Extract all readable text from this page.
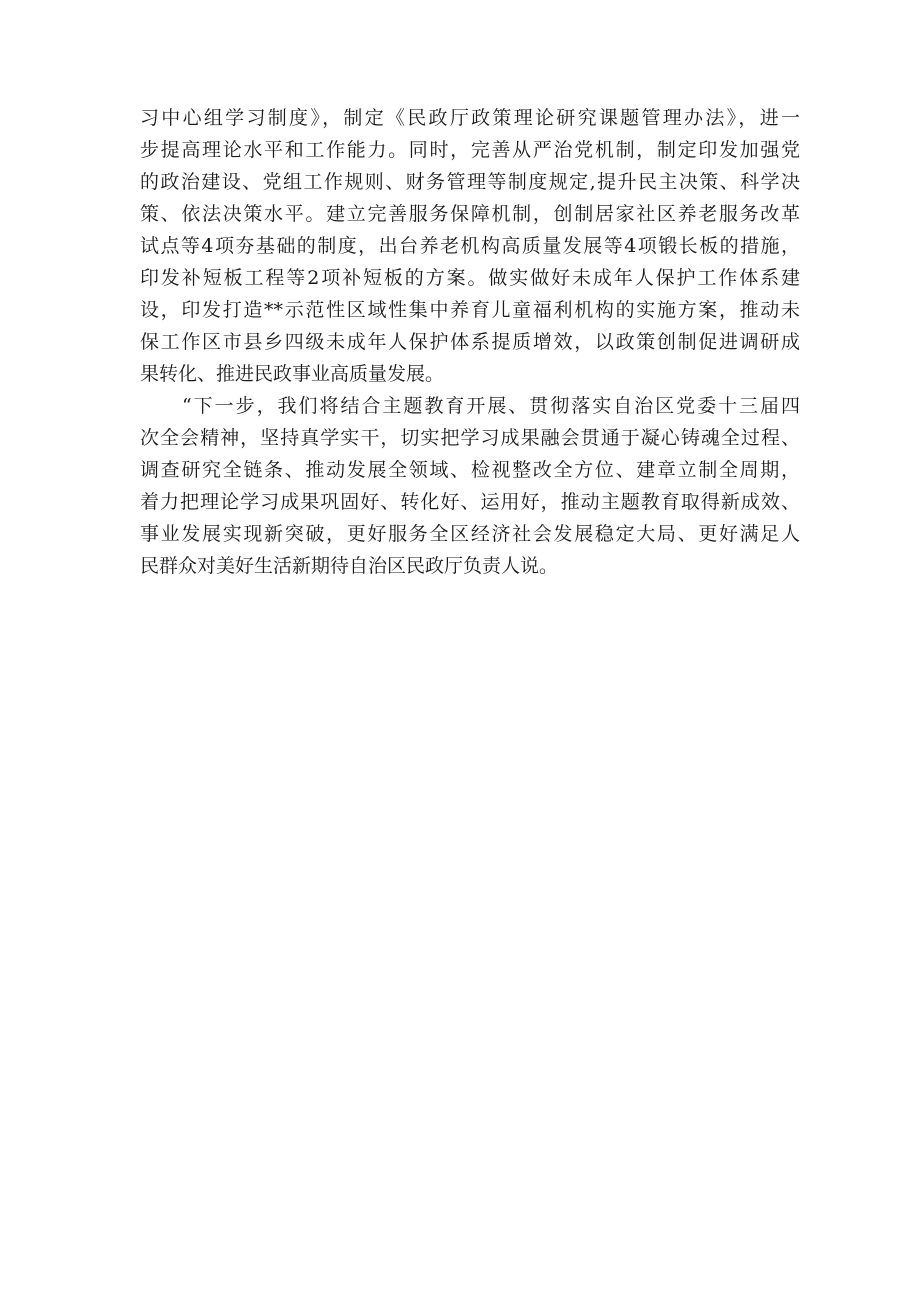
习中心组学习制度》，制定《民政厅政策理论研究课题管理办法》，进一
步提高理论水平和工作能力。同时，完善从严治党机制，制定印发加强党
的政治建设、党组工作规则、财务管理等制度规定,提升民主决策、科学决
策、依法决策水平。建立完善服务保障机制，创制居家社区养老服务改革
试点等4项夯基础的制度，出台养老机构高质量发展等4项锻长板的措施，
印发补短板工程等2项补短板的方案。做实做好未成年人保护工作体系建
设，印发打造**示范性区域性集中养育儿童福利机构的实施方案，推动未
保工作区市县乡四级未成年人保护体系提质增效，以政策创制促进调研成
果转化、推进民政事业高质量发展。
　　“下一步，我们将结合主题教育开展、贯彻落实自治区党委十三届四
次全会精神，坚持真学实干，切实把学习成果融会贯通于凝心铸魂全过程、
调查研究全链条、推动发展全领域、检视整改全方位、建章立制全周期，
着力把理论学习成果巩固好、转化好、运用好，推动主题教育取得新成效、
事业发展实现新突破，更好服务全区经济社会发展稳定大局、更好满足人
民群众对美好生活新期待自治区民政厅负责人说。
